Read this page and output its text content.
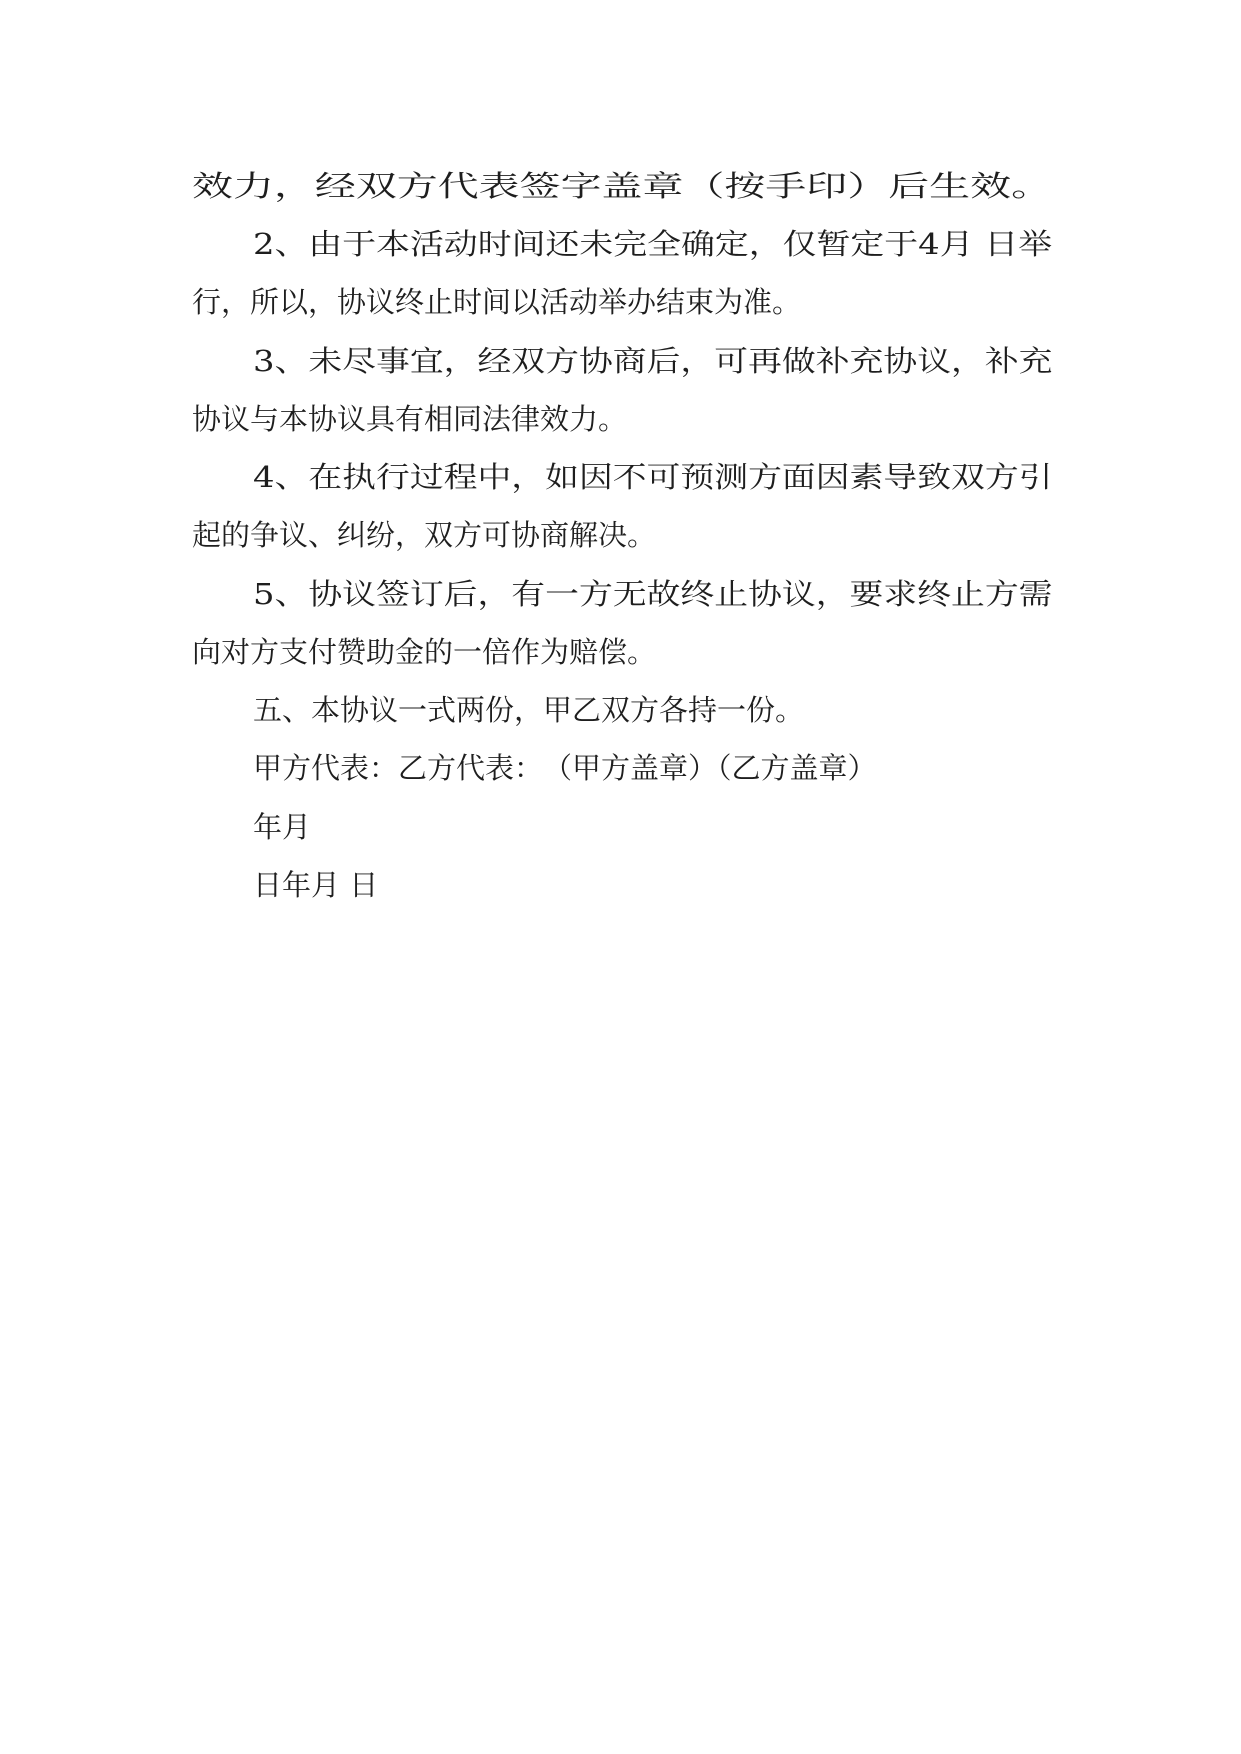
效力，经双方代表签字盖章（按手印）后生效。
2、由于本活动时间还未完全确定，仅暂定于4月 日举
行，所以，协议终止时间以活动举办结束为准。
3、未尽事宜，经双方协商后，可再做补充协议，补充
协议与本协议具有相同法律效力。
4、在执行过程中，如因不可预测方面因素导致双方引
起的争议、纠纷，双方可协商解决。
5、协议签订后，有一方无故终止协议，要求终止方需
向对方支付赞助金的一倍作为赔偿。
五、本协议一式两份，甲乙双方各持一份。
甲方代表：乙方代表：　（甲方盖章）（乙方盖章）
年月
日年月 日
